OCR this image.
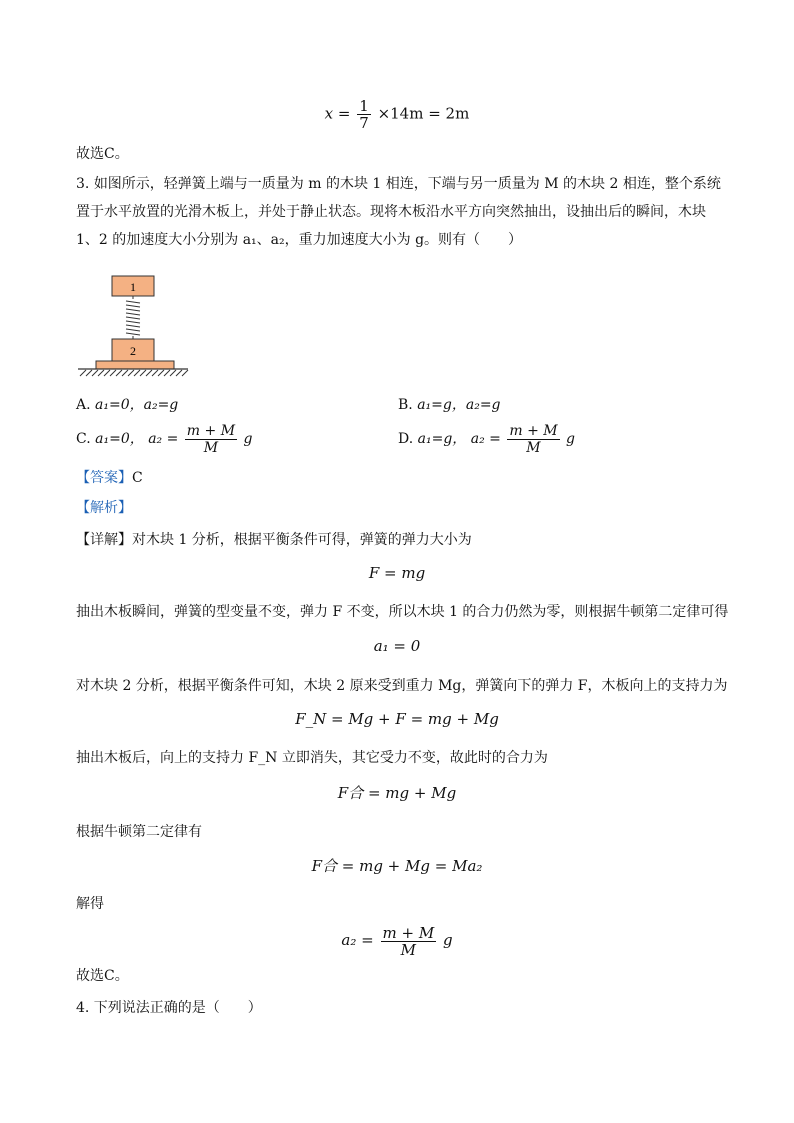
$x = \frac{1}{7} \times 14m = 2m$
故选C。
3. 如图所示，轻弹簧上端与一质量为 m 的木块 1 相连，下端与另一质量为 M 的木块 2 相连，整个系统置于水平放置的光滑木板上，并处于静止状态。现将木板沿水平方向突然抽出，设抽出后的瞬间，木块 1、2 的加速度大小分别为 a₁、a₂，重力加速度大小为 g。则有（　　）
1
2
A. a₁=0，a₂=g	B. a₁=g，a₂=g
C. a₁=0， $a_2 = \frac{m + M}{M}$ g	D. a₁=g， $a_2 = \frac{m + M}{M}$ g
【答案】C
【解析】
【详解】对木块 1 分析，根据平衡条件可得，弹簧的弹力大小为
F = mg
抽出木板瞬间，弹簧的型变量不变，弹力 F 不变，所以木块 1 的合力仍然为零，则根据牛顿第二定律可得
a₁ = 0
对木块 2 分析，根据平衡条件可知，木块 2 原来受到重力 Mg，弹簧向下的弹力 F，木板向上的支持力为
F_N = Mg + F = mg + Mg
抽出木板后，向上的支持力 F_N 立即消失，其它受力不变，故此时的合力为
F合 = mg + Mg
根据牛顿第二定律有
F合 = mg + Mg = Ma₂
解得
$a_2 = \frac{m + M}{M}$ g
故选C。
4. 下列说法正确的是（　　）
